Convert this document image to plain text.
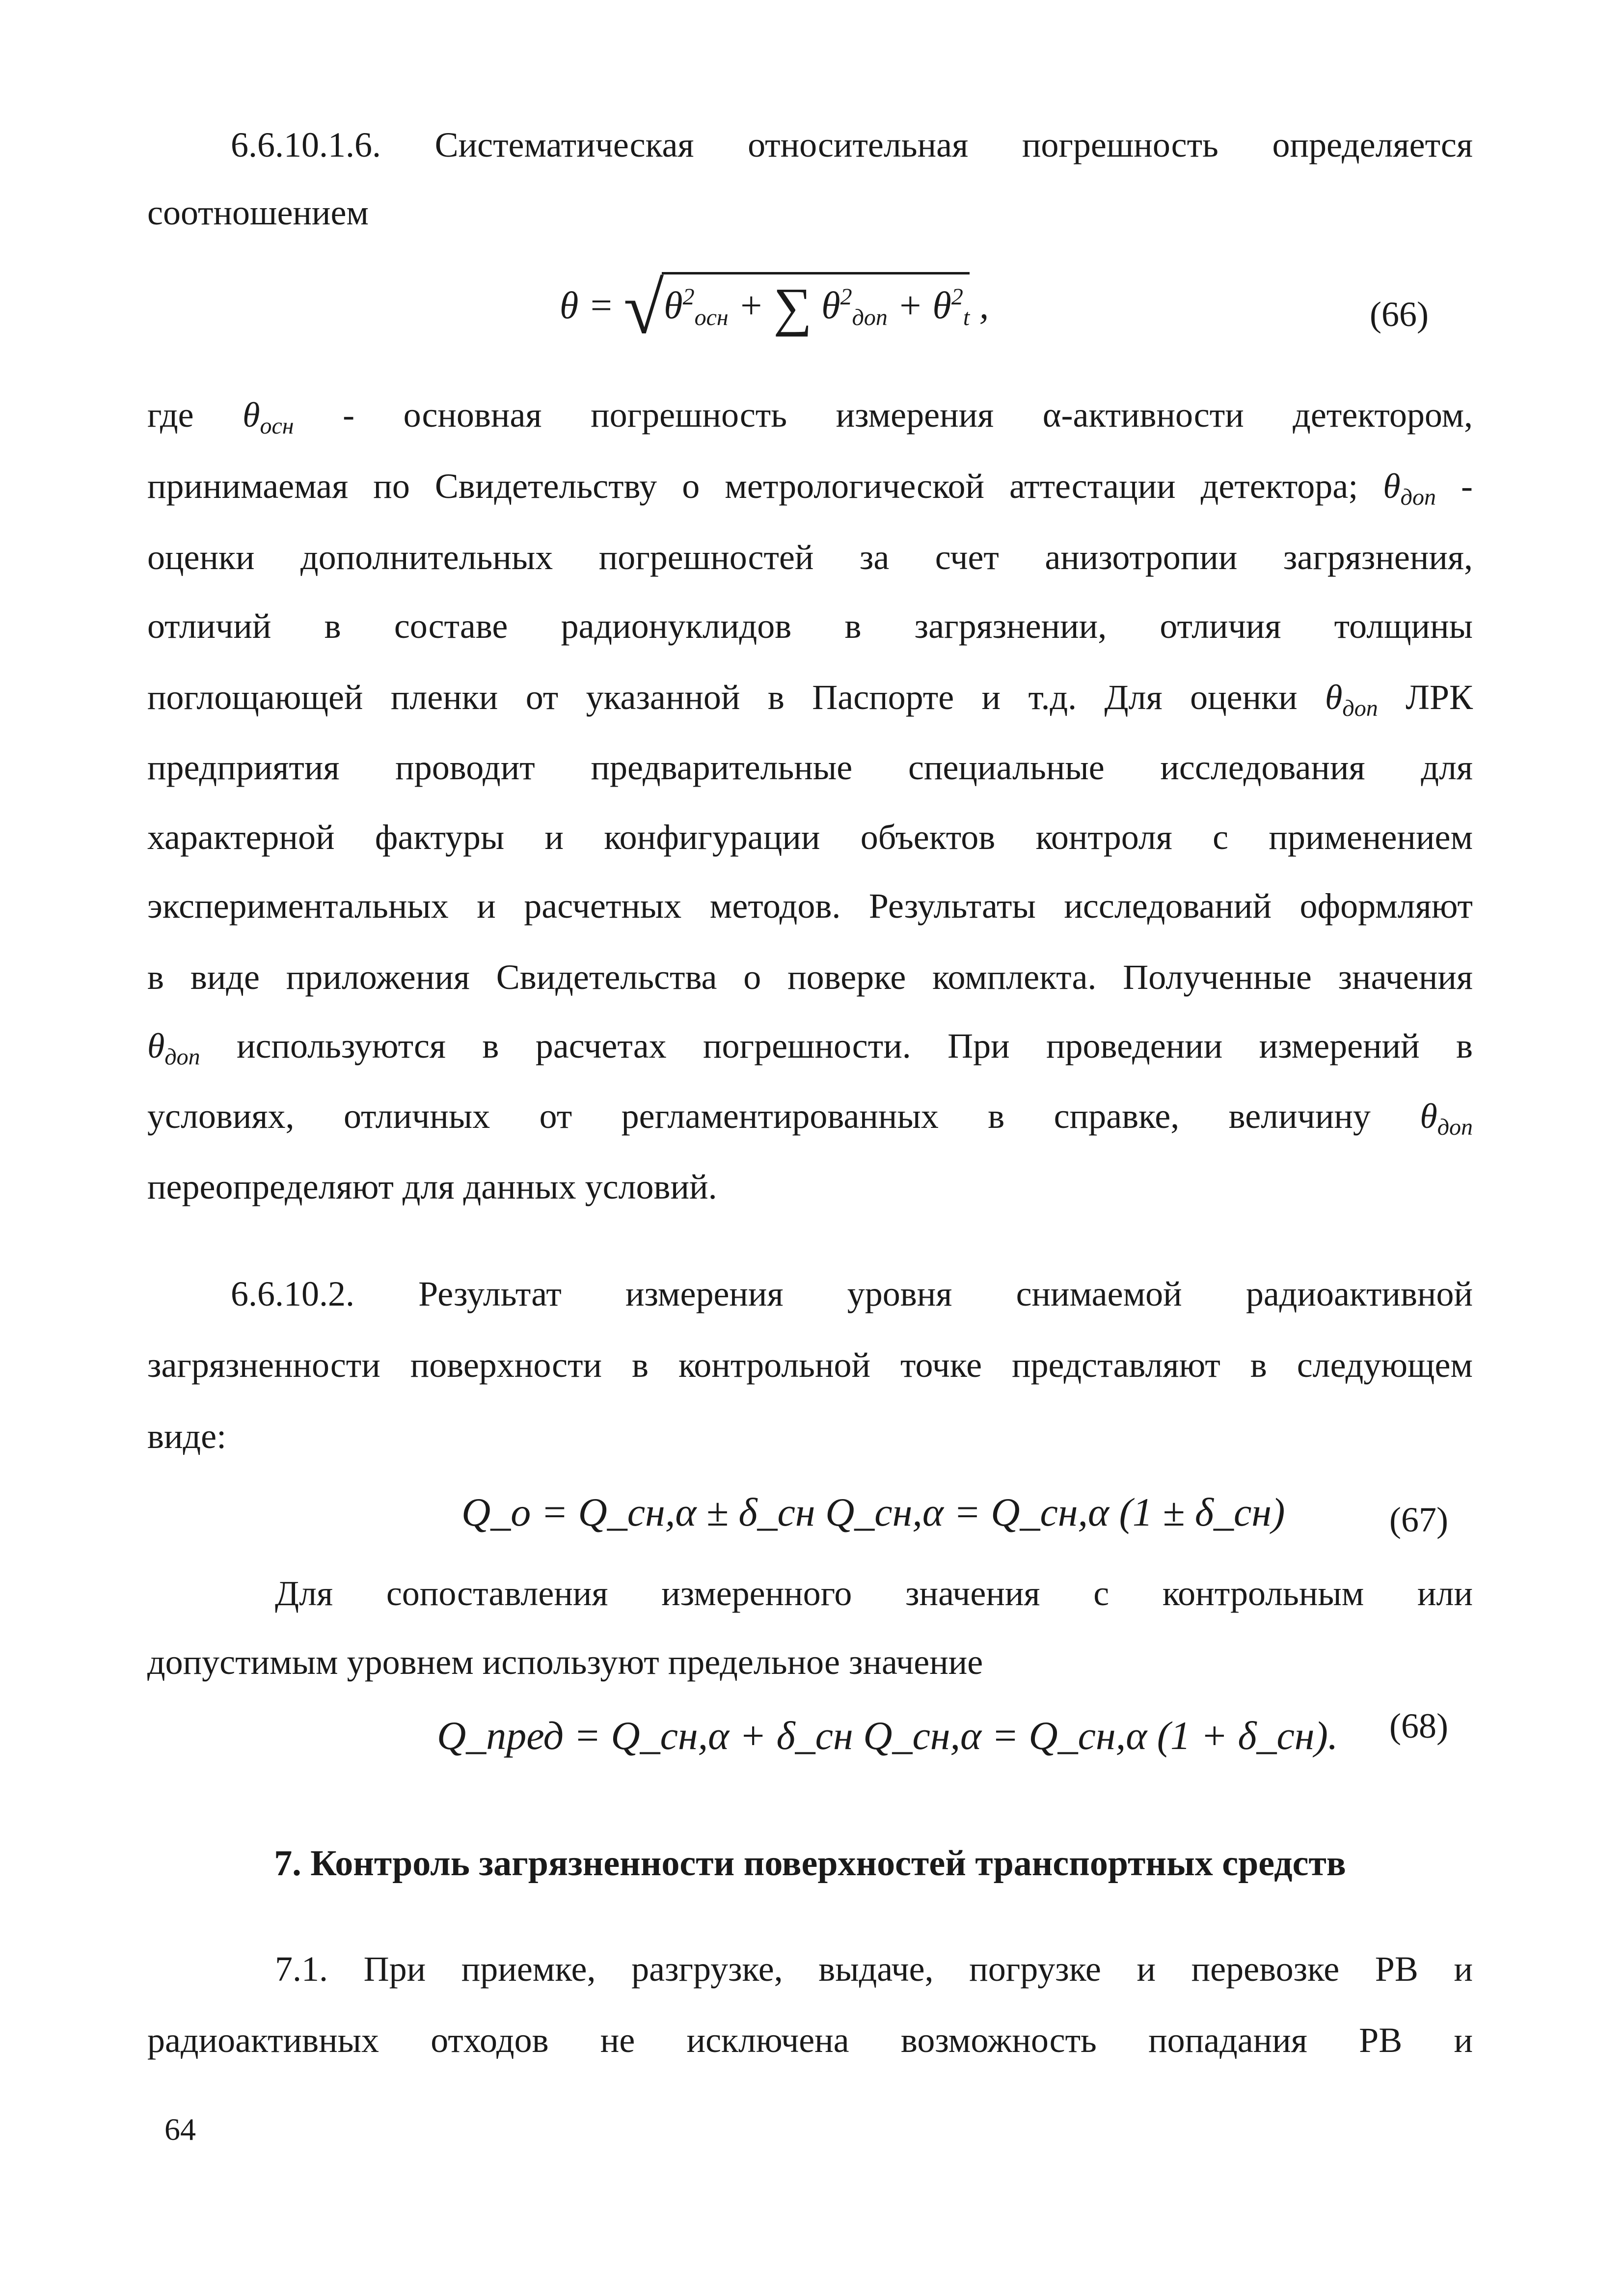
6.6.10.1.6. Систематическая относительная погрешность определяется
соотношением
θ = √
$\theta^2_{осн}$ + ∑ $\theta^2_{доп} + \theta^2_t$ ,	(66)
где $\theta_{осн}$ - основная погрешность измерения α-активности детектором,
принимаемая по Свидетельству о метрологической аттестации детектора; $\theta_{доп}$ -
оценки дополнительных погрешностей за счет анизотропии загрязнения,
отличий в составе радионуклидов в загрязнении, отличия толщины
поглощающей пленки от указанной в Паспорте и т.д. Для оценки $\theta_{доп}$ ЛРК
предприятия проводит предварительные специальные исследования для
характерной фактуры и конфигурации объектов контроля с применением
экспериментальных и расчетных методов. Результаты исследований оформляют
в виде приложения Свидетельства о поверке комплекта. Полученные значения
$\theta_{доп}$ используются в расчетах погрешности. При проведении измерений в
условиях, отличных от регламентированных в справке, величину $\theta_{доп}$
переопределяют для данных условий.
6.6.10.2. Результат измерения уровня снимаемой радиоактивной
загрязненности поверхности в контрольной точке представляют в следующем
виде:
Q_o = Q_сн,α ± δ_сн Q_сн,α = Q_сн,α (1 ± δ_сн)	(67)
Для сопоставления измеренного значения с контрольным или
допустимым уровнем используют предельное значение
Q_пред = Q_сн,α + δ_сн Q_сн,α = Q_сн,α (1 + δ_сн). (68)
7. Контроль загрязненности поверхностей транспортных средств
7.1. При приемке, разгрузке, выдаче, погрузке и перевозке РВ и
радиоактивных отходов не исключена возможность попадания РВ и
64
